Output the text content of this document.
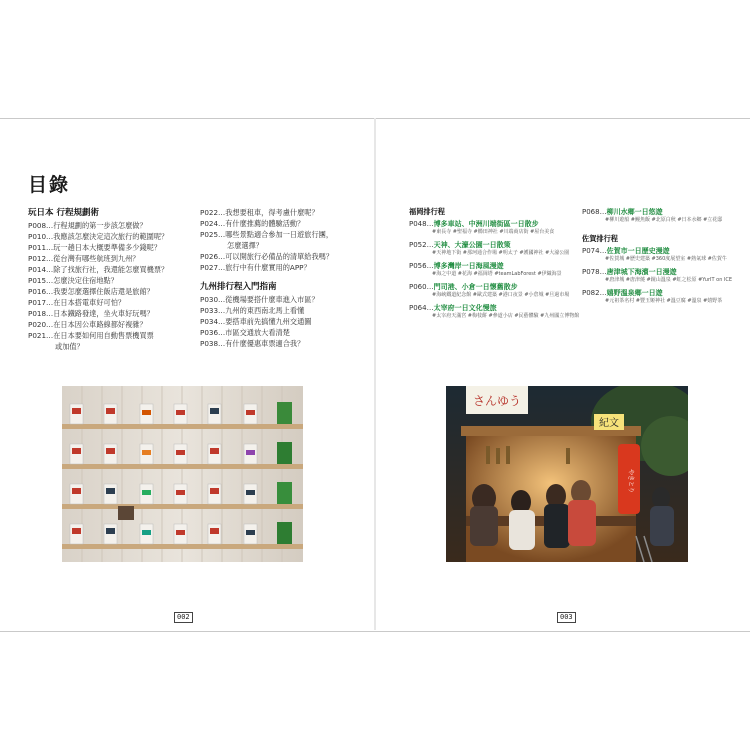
目錄
玩日本 行程規劃術
P008…行程規劃的第一步該怎麼做？
P010…我應該怎麼決定這次旅行的範圍呢？
P011…玩一趟日本大概要準備多少錢呢？
P012…從台灣有哪些航班到九州？
P014…除了找旅行社，我還能怎麼買機票？
P015…怎麼決定住宿地點？
P016…我要怎麼選擇住飯店還是旅館？
P017…在日本搭電車好可怕？
P018…日本鐵路發達，坐火車好玩嗎？
P020…在日本因公車路線都好複雜？
P021…在日本要如何用自動售票機買票
或加值？
P022…我想要租車，得考慮什麼呢？
P024…有什麼推薦的體驗活動？
P025…哪些景點適合參加一日遊旅行團，
怎麼選擇？
P026…可以開旅行必備品的清單給我嗎？
P027…旅行中有什麼實用的APP？
九州排行程入門指南
P030…從機場要搭什麼車進入市區？
P033…九州的東西南北馬上看懂
P034…要搭車前先搞懂九州交通圖
P036…市區交通放大看清楚
P038…有什麼優惠車票適合我？
福岡排行程
P048…博多車站、中洲川端街區一日散步
#東長寺 #聖福寺 #櫛田神社 #川端商店街 #屋台美食
P052…天神、大濠公園一日散策
#天神地下街 #那珂通合作場 #明太子 #護國神社 #大濠公園
P056…博多灣岸一日海風漫遊
#海之中道 #花海 #福岡塔 #teamLabForest #伊織海景
P060…門司港、小倉一日懷舊散步
#海峽鐵道紀念館 #歐式建築 #港口夜景 #小倉城 #旦過市場
P064…太宰府一日文化慢旅
#太宰府天滿宮 #梅枝餅 #參道小店 #民藝體驗 #九州國立博物館
P068…柳川水鄉一日悠遊
#柳川遊船 #鰻魚飯 #北原白秋 #日本水鄉 #立花邸
佐賀排行程
P074…佐賀市一日歷史漫遊
#佐賀城 #歷史建築 #360度展望室 #熱氣球 #佐賀牛
P078…唐津城下海濱一日漫遊
#唐津城 #唐津燒 #鏡山溫泉 #虹之松原 #YurIT on ICE
P082…嬉野溫泉鄉一日遊
#元祖茶名村 #豐玉姬神社 #溫豆腐 #溫泉 #嬉野茶
さんゆう
紀文
やきとり
002	003
